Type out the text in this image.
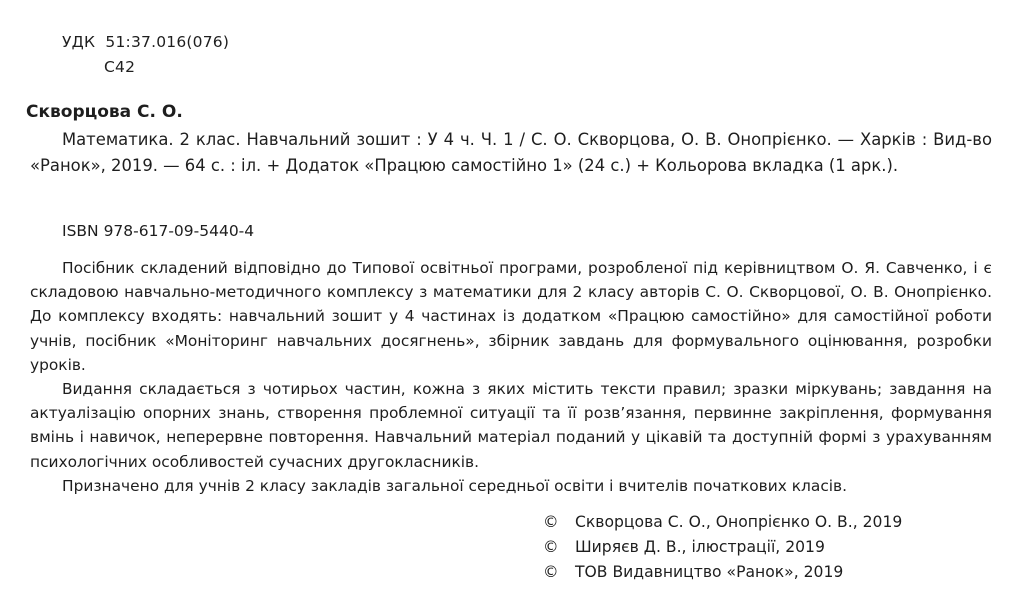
УДК  51:37.016(076)
С42
Скворцова С. О.

Математика. 2 клас. Навчальний зошит : У 4 ч. Ч. 1 / С. О. Скворцова, О. В. Онопрієнко. — Харків : Вид-во «Ранок», 2019. — 64 с. : іл. + Додаток «Працюю самостійно 1» (24 с.) + Кольорова вкладка (1 арк.).

ISBN 978-617-09-5440-4

Посібник складений відповідно до Типової освітньої програми, розробленої під керівництвом О. Я. Савченко, і є складовою навчально-методичного комплексу з математики для 2 класу авторів С. О. Скворцової, О. В. Онопрієнко. До комплексу входять: навчальний зошит у 4 частинах із додатком «Працюю самостійно» для самостійної роботи учнів, посібник «Моніторинг навчальних досягнень», збірник завдань для формувального оцінювання, розробки уроків.

Видання складається з чотирьох частин, кожна з яких містить тексти правил; зразки міркувань; завдання на актуалізацію опорних знань, створення проблемної ситуації та її розв’язання, первинне закріплення, формування вмінь і навичок, неперервне повторення. Навчальний матеріал поданий у цікавій та доступній формі з урахуванням психологічних особливостей сучасних другокласників.

Призначено для учнів 2 класу закладів загальної середньої освіти і вчителів початкових класів.

©	Скворцова С. О., Онопрієнко О. В., 2019
©	Ширяєв Д. В., ілюстрації, 2019
©	ТОВ Видавництво «Ранок», 2019
